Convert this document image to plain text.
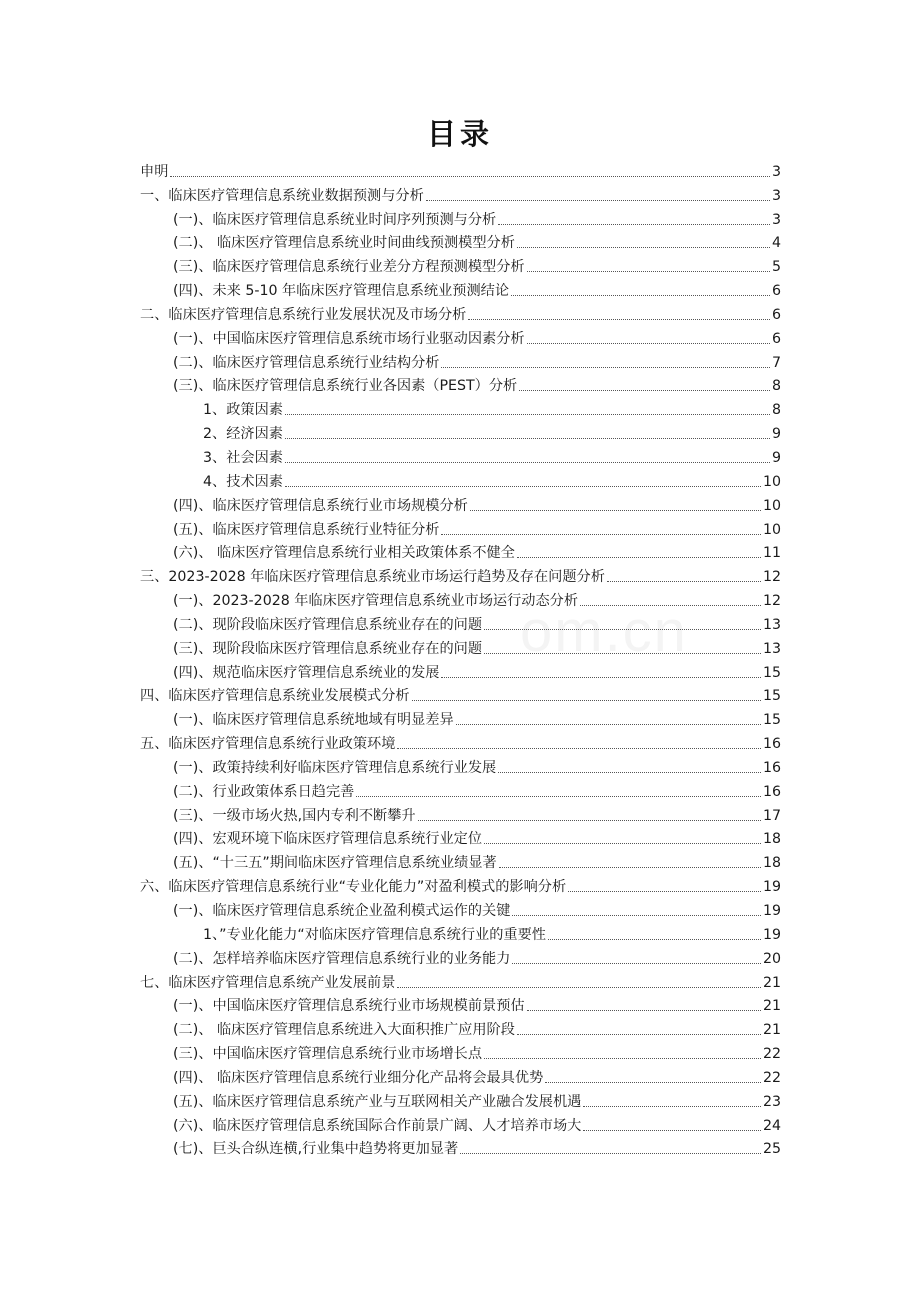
目录
om.cn
申明	3
一、临床医疗管理信息系统业数据预测与分析	3
(一)、临床医疗管理信息系统业时间序列预测与分析	3
(二)、 临床医疗管理信息系统业时间曲线预测模型分析	4
(三)、临床医疗管理信息系统行业差分方程预测模型分析	5
(四)、未来 5-10 年临床医疗管理信息系统业预测结论	6
二、临床医疗管理信息系统行业发展状况及市场分析	6
(一)、中国临床医疗管理信息系统市场行业驱动因素分析	6
(二)、临床医疗管理信息系统行业结构分析	7
(三)、临床医疗管理信息系统行业各因素（PEST）分析	8
1、政策因素	8
2、经济因素	9
3、社会因素	9
4、技术因素	10
(四)、临床医疗管理信息系统行业市场规模分析	10
(五)、临床医疗管理信息系统行业特征分析	10
(六)、 临床医疗管理信息系统行业相关政策体系不健全	11
三、2023-2028 年临床医疗管理信息系统业市场运行趋势及存在问题分析	12
(一)、2023-2028 年临床医疗管理信息系统业市场运行动态分析	12
(二)、现阶段临床医疗管理信息系统业存在的问题	13
(三)、现阶段临床医疗管理信息系统业存在的问题	13
(四)、规范临床医疗管理信息系统业的发展	15
四、临床医疗管理信息系统业发展模式分析	15
(一)、临床医疗管理信息系统地域有明显差异	15
五、临床医疗管理信息系统行业政策环境	16
(一)、政策持续利好临床医疗管理信息系统行业发展	16
(二)、行业政策体系日趋完善	16
(三)、一级市场火热,国内专利不断攀升	17
(四)、宏观环境下临床医疗管理信息系统行业定位	18
(五)、“十三五”期间临床医疗管理信息系统业绩显著	18
六、临床医疗管理信息系统行业“专业化能力”对盈利模式的影响分析	19
(一)、临床医疗管理信息系统企业盈利模式运作的关键	19
1、”专业化能力“对临床医疗管理信息系统行业的重要性	19
(二)、怎样培养临床医疗管理信息系统行业的业务能力	20
七、临床医疗管理信息系统产业发展前景	21
(一)、中国临床医疗管理信息系统行业市场规模前景预估	21
(二)、 临床医疗管理信息系统进入大面积推广应用阶段	21
(三)、中国临床医疗管理信息系统行业市场增长点	22
(四)、 临床医疗管理信息系统行业细分化产品将会最具优势	22
(五)、临床医疗管理信息系统产业与互联网相关产业融合发展机遇	23
(六)、临床医疗管理信息系统国际合作前景广阔、人才培养市场大	24
(七)、巨头合纵连横,行业集中趋势将更加显著	25
